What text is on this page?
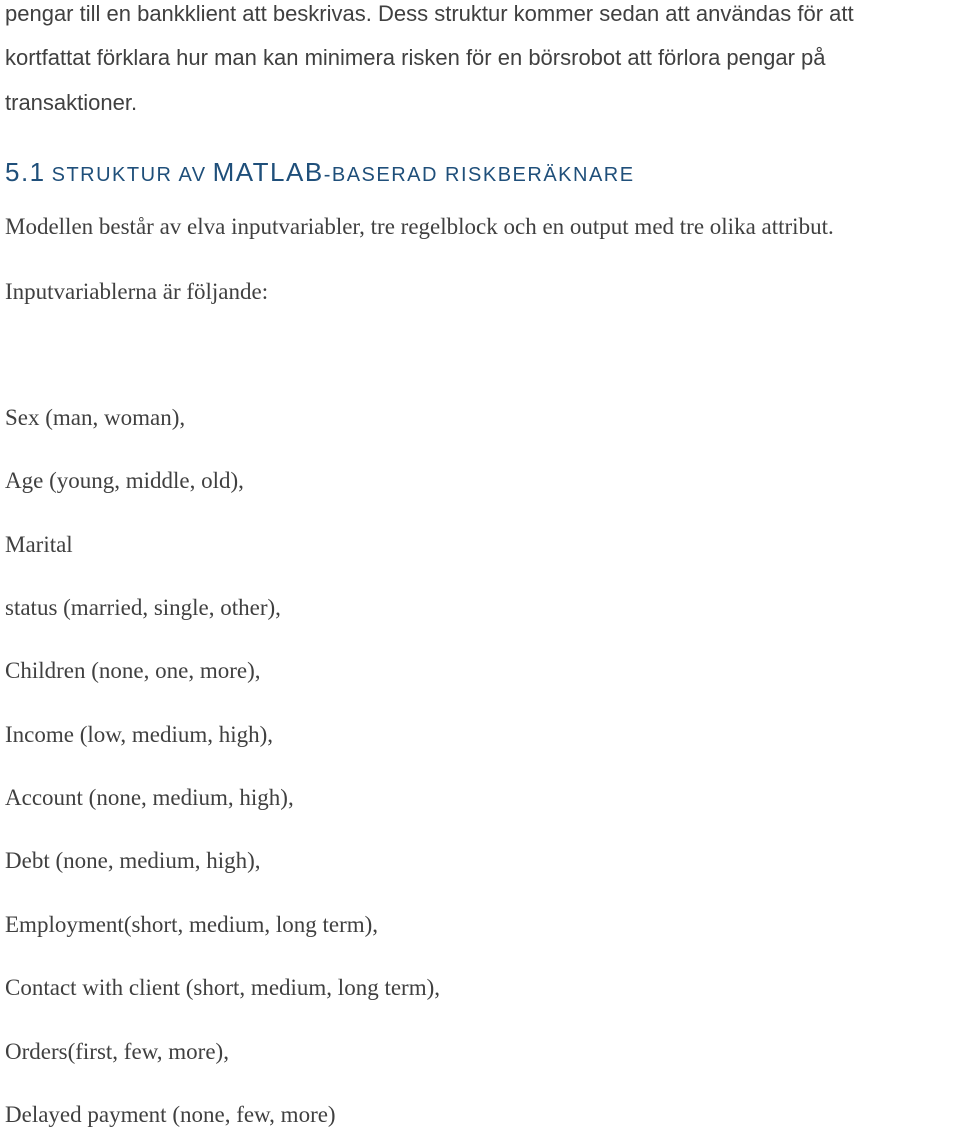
pengar till en bankklient att beskrivas. Dess struktur kommer sedan att användas för att
kortfattat förklara hur man kan minimera risken för en börsrobot att förlora pengar på
transaktioner.
5.1 STRUKTUR AV MATLAB-BASERAD RISKBERÄKNARE
Modellen består av elva inputvariabler, tre regelblock och en output med tre olika attribut.
Inputvariablerna är följande:
Sex (man, woman),
Age (young, middle, old),
Marital
status (married, single, other),
Children (none, one, more),
Income (low, medium, high),
Account (none, medium, high),
Debt (none, medium, high),
Employment(short, medium, long term),
Contact with client (short, medium, long term),
Orders(first, few, more),
Delayed payment (none, few, more)
